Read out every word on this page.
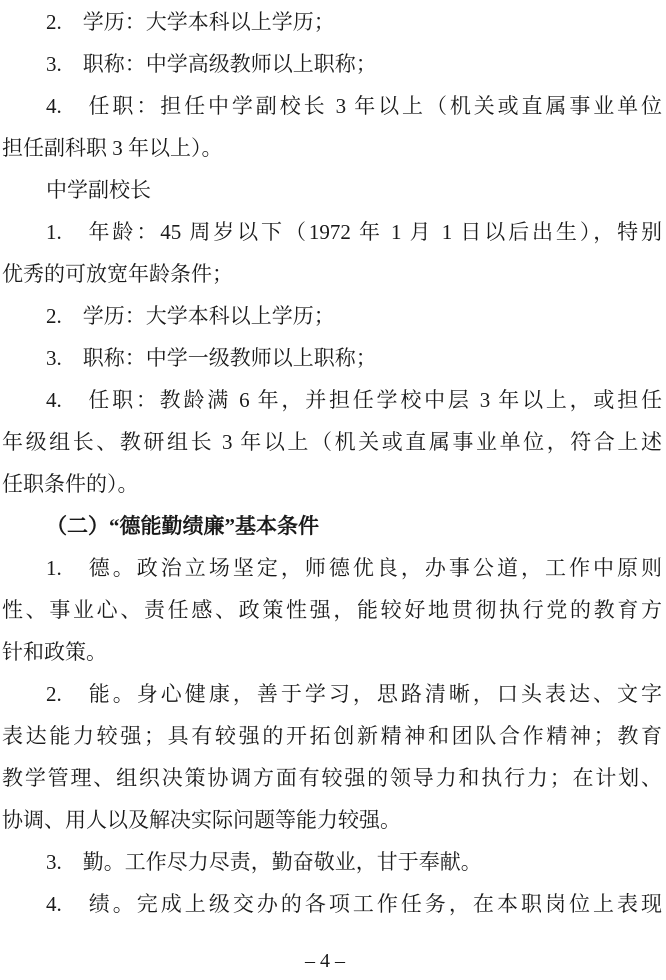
2.　学历：大学本科以上学历；
3.　职称：中学高级教师以上职称；
4.　任职：担任中学副校长 3 年以上（机关或直属事业单位
担任副科职 3 年以上）。
中学副校长
1.　年龄：45 周岁以下（1972 年 1 月 1 日以后出生），特别
优秀的可放宽年龄条件；
2.　学历：大学本科以上学历；
3.　职称：中学一级教师以上职称；
4.　任职：教龄满 6 年，并担任学校中层 3 年以上，或担任
年级组长、教研组长 3 年以上（机关或直属事业单位，符合上述
任职条件的）。
（二）“德能勤绩廉”基本条件
1.　德。政治立场坚定，师德优良，办事公道，工作中原则
性、事业心、责任感、政策性强，能较好地贯彻执行党的教育方
针和政策。
2.　能。身心健康，善于学习，思路清晰，口头表达、文字
表达能力较强；具有较强的开拓创新精神和团队合作精神；教育
教学管理、组织决策协调方面有较强的领导力和执行力；在计划、
协调、用人以及解决实际问题等能力较强。
3.　勤。工作尽力尽责，勤奋敬业，甘于奉献。
4.　绩。完成上级交办的各项工作任务，在本职岗位上表现
– 4 –
